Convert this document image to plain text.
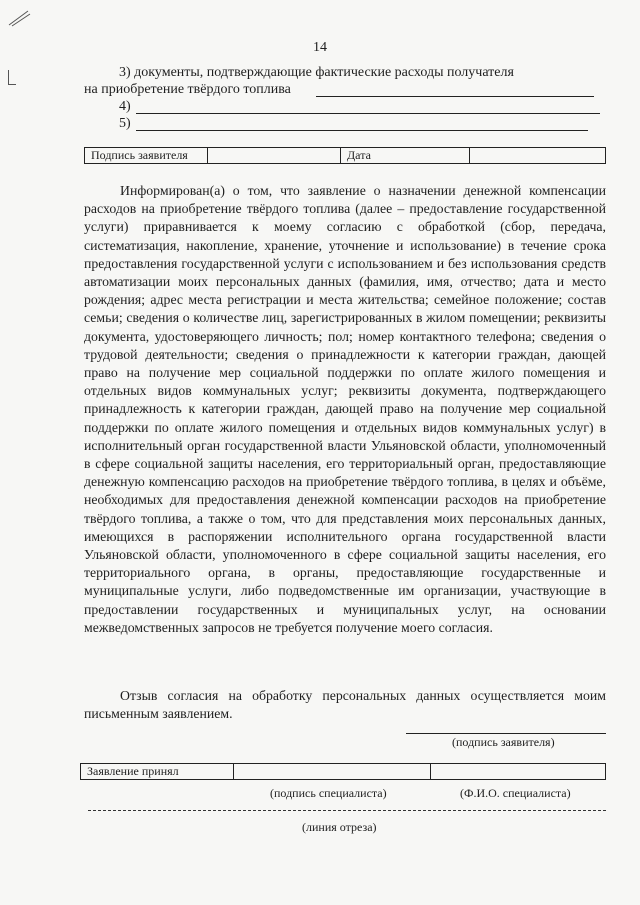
14
3) документы, подтверждающие фактические расходы получателя
на приобретение твёрдого топлива
4)
5)
Подпись заявителя		Дата	

Информирован(а) о том, что заявление о назначении денежной компенсации расходов на приобретение твёрдого топлива (далее – предоставление государственной услуги) приравнивается к моему согласию с обработкой (сбор, передача, систематизация, накопление, хранение, уточнение и использование) в течение срока предоставления государственной услуги с использованием и без использования средств автоматизации моих персональных данных (фамилия, имя, отчество; дата и место рождения; адрес места регистрации и места жительства; семейное положение; состав семьи; сведения о количестве лиц, зарегистрированных в жилом помещении; реквизиты документа, удостоверяющего личность; пол; номер контактного телефона; сведения о трудовой деятельности; сведения о принадлежности к категории граждан, дающей право на получение мер социальной поддержки по оплате жилого помещения и отдельных видов коммунальных услуг; реквизиты документа, подтверждающего принадлежность к категории граждан, дающей право на получение мер социальной поддержки по оплате жилого помещения и отдельных видов коммунальных услуг) в исполнительный орган государственной власти Ульяновской области, уполномоченный в сфере социальной защиты населения, его территориальный орган, предоставляющие денежную компенсацию расходов на приобретение твёрдого топлива, в целях и объёме, необходимых для предоставления денежной компенсации расходов на приобретение твёрдого топлива, а также о том, что для представления моих персональных данных, имеющихся в распоряжении исполнительного органа государственной власти Ульяновской области, уполномоченного в сфере социальной защиты населения, его территориального органа, в органы, предоставляющие государственные и муниципальные услуги, либо подведомственные им организации, участвующие в предоставлении государственных и муниципальных услуг, на основании межведомственных запросов не требуется получение моего согласия.

Отзыв согласия на обработку персональных данных осуществляется моим письменным заявлением.

(подпись заявителя)
Заявление принял		
(подпись специалиста)	(Ф.И.О. специалиста)
(линия отреза)
